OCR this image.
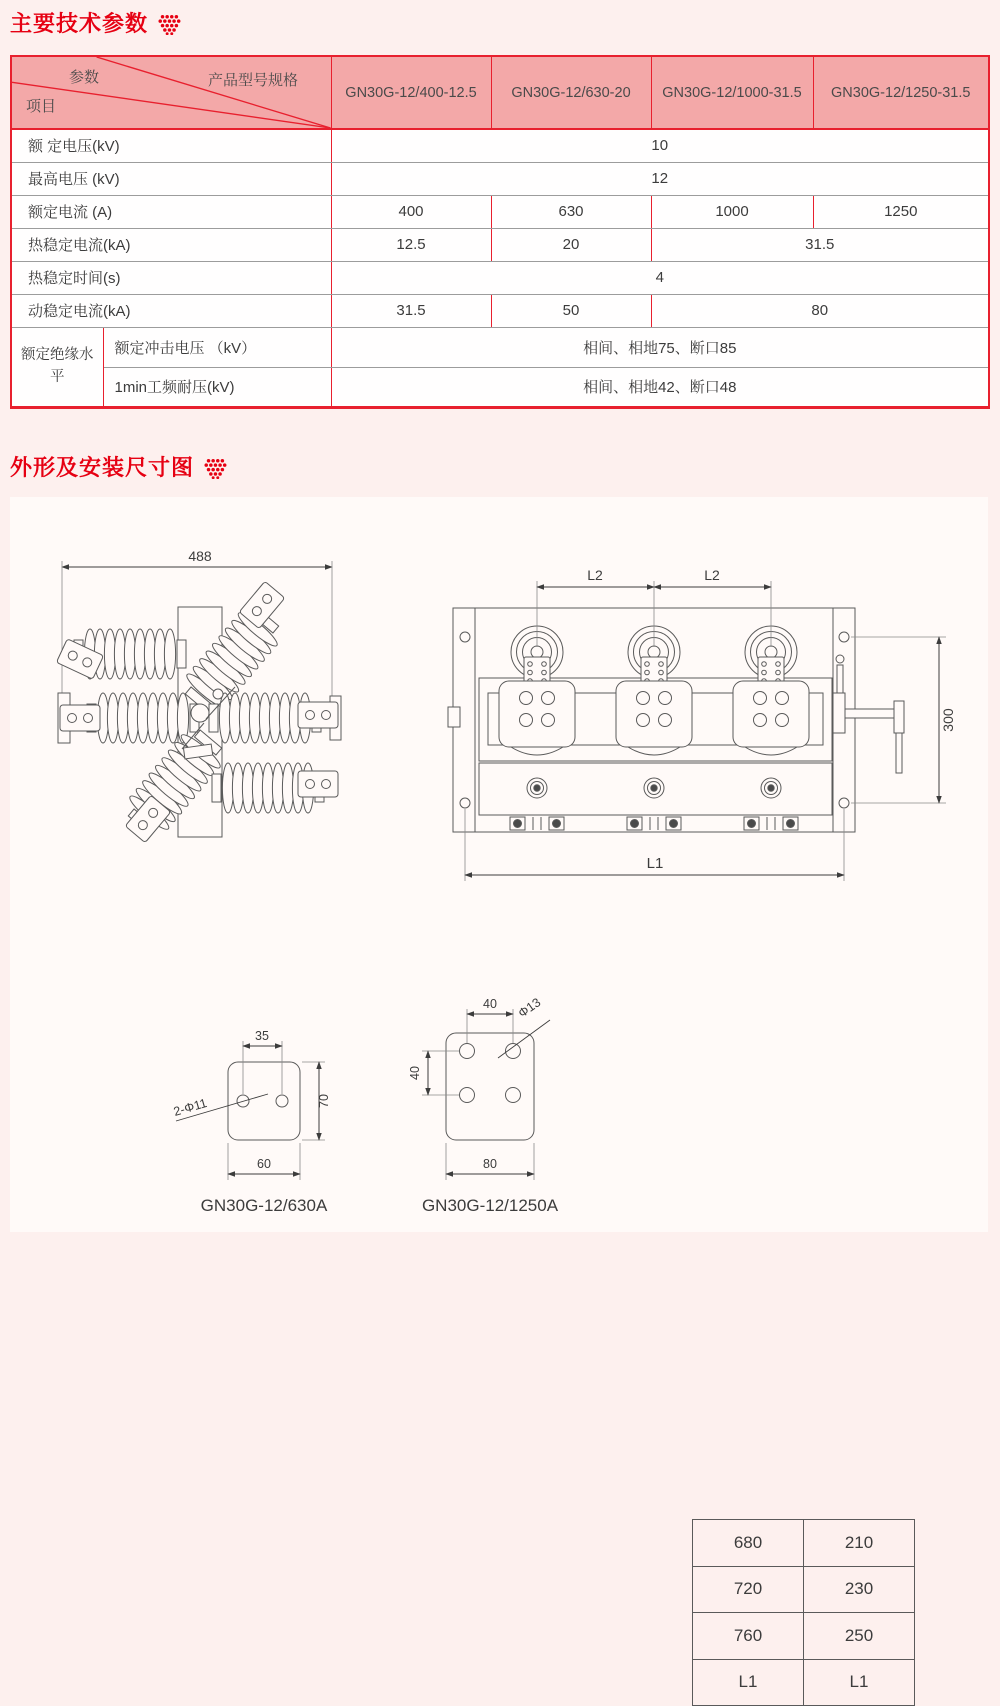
主要技术参数
参数 产品型号规格
项目		GN30G-12/400-12.5	GN30G-12/630-20	GN30G-12/1000-31.5	GN30G-12/1250-31.5
额 定电压(kV)		10			
最高电压 (kV)		12			
额定电流 (A)		400	630	1000	1250
热稳定电流(kA)		12.5	20	31.5	
热稳定时间(s)		4			
动稳定电流(kA)		31.5	50	80	
额定绝缘水平	额定冲击电压 （kV）	相间、相地75、断口85			
	1min工频耐压(kV)	相间、相地42、断口48			
外形及安装尺寸图
488
L2	L2
300
L1
35
70
60
2-Φ11
GN30G-12/630A
40
40
Φ13
80
GN30G-12/1250A
680	210
720	230
760	250
L1	L1
